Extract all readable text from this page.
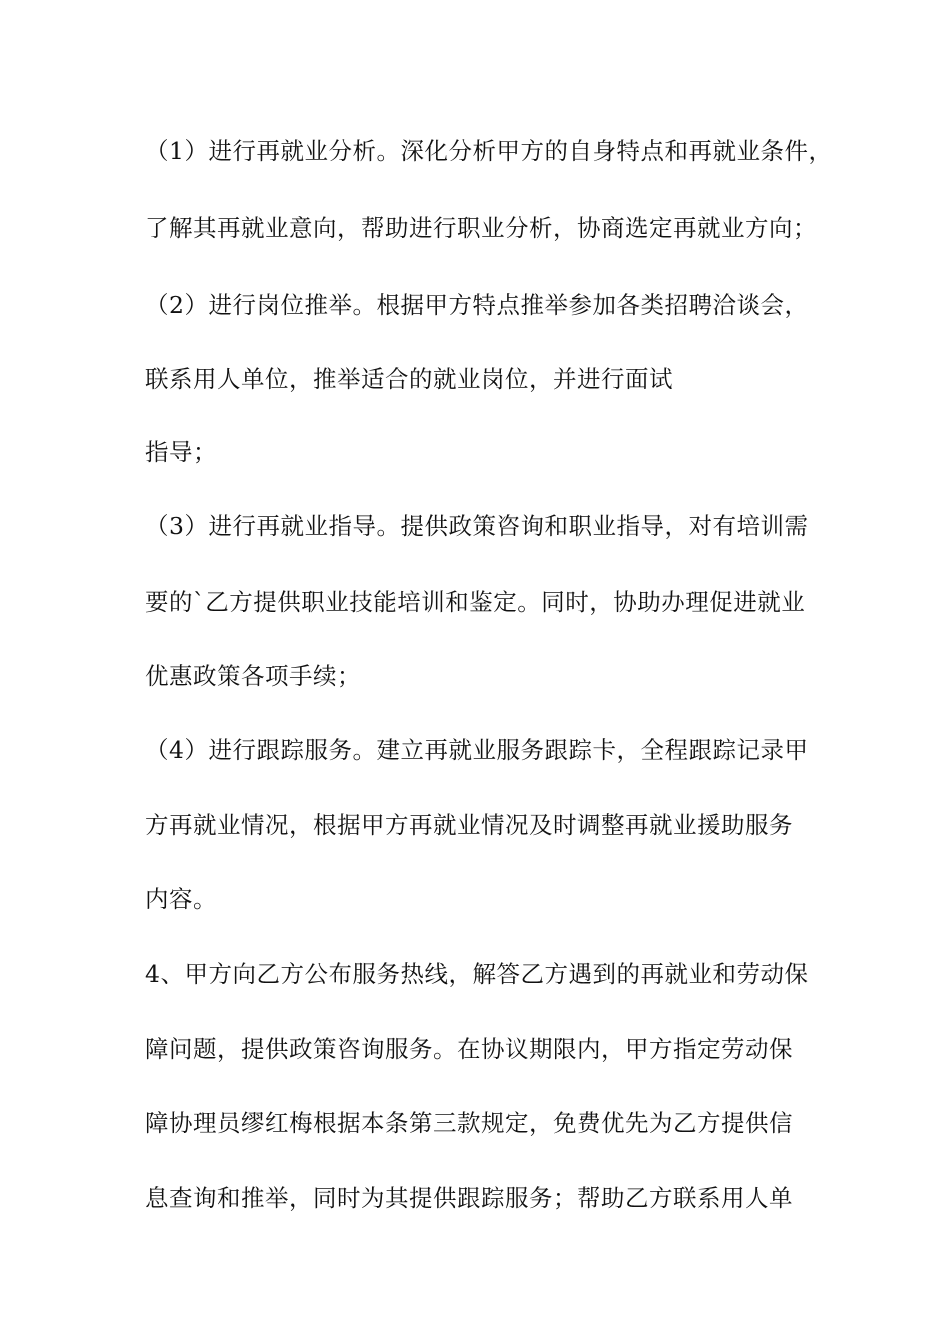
（1）进行再就业分析。深化分析甲方的自身特点和再就业条件，
了解其再就业意向，帮助进行职业分析，协商选定再就业方向；
（2）进行岗位推举。根据甲方特点推举参加各类招聘洽谈会，
联系用人单位，推举适合的就业岗位，并进行面试
指导；
（3）进行再就业指导。提供政策咨询和职业指导，对有培训需
要的`乙方提供职业技能培训和鉴定。同时，协助办理促进就业
优惠政策各项手续；
（4）进行跟踪服务。建立再就业服务跟踪卡，全程跟踪记录甲
方再就业情况，根据甲方再就业情况及时调整再就业援助服务
内容。
4、甲方向乙方公布服务热线，解答乙方遇到的再就业和劳动保
障问题，提供政策咨询服务。在协议期限内，甲方指定劳动保
障协理员缪红梅根据本条第三款规定，免费优先为乙方提供信
息查询和推举，同时为其提供跟踪服务；帮助乙方联系用人单
